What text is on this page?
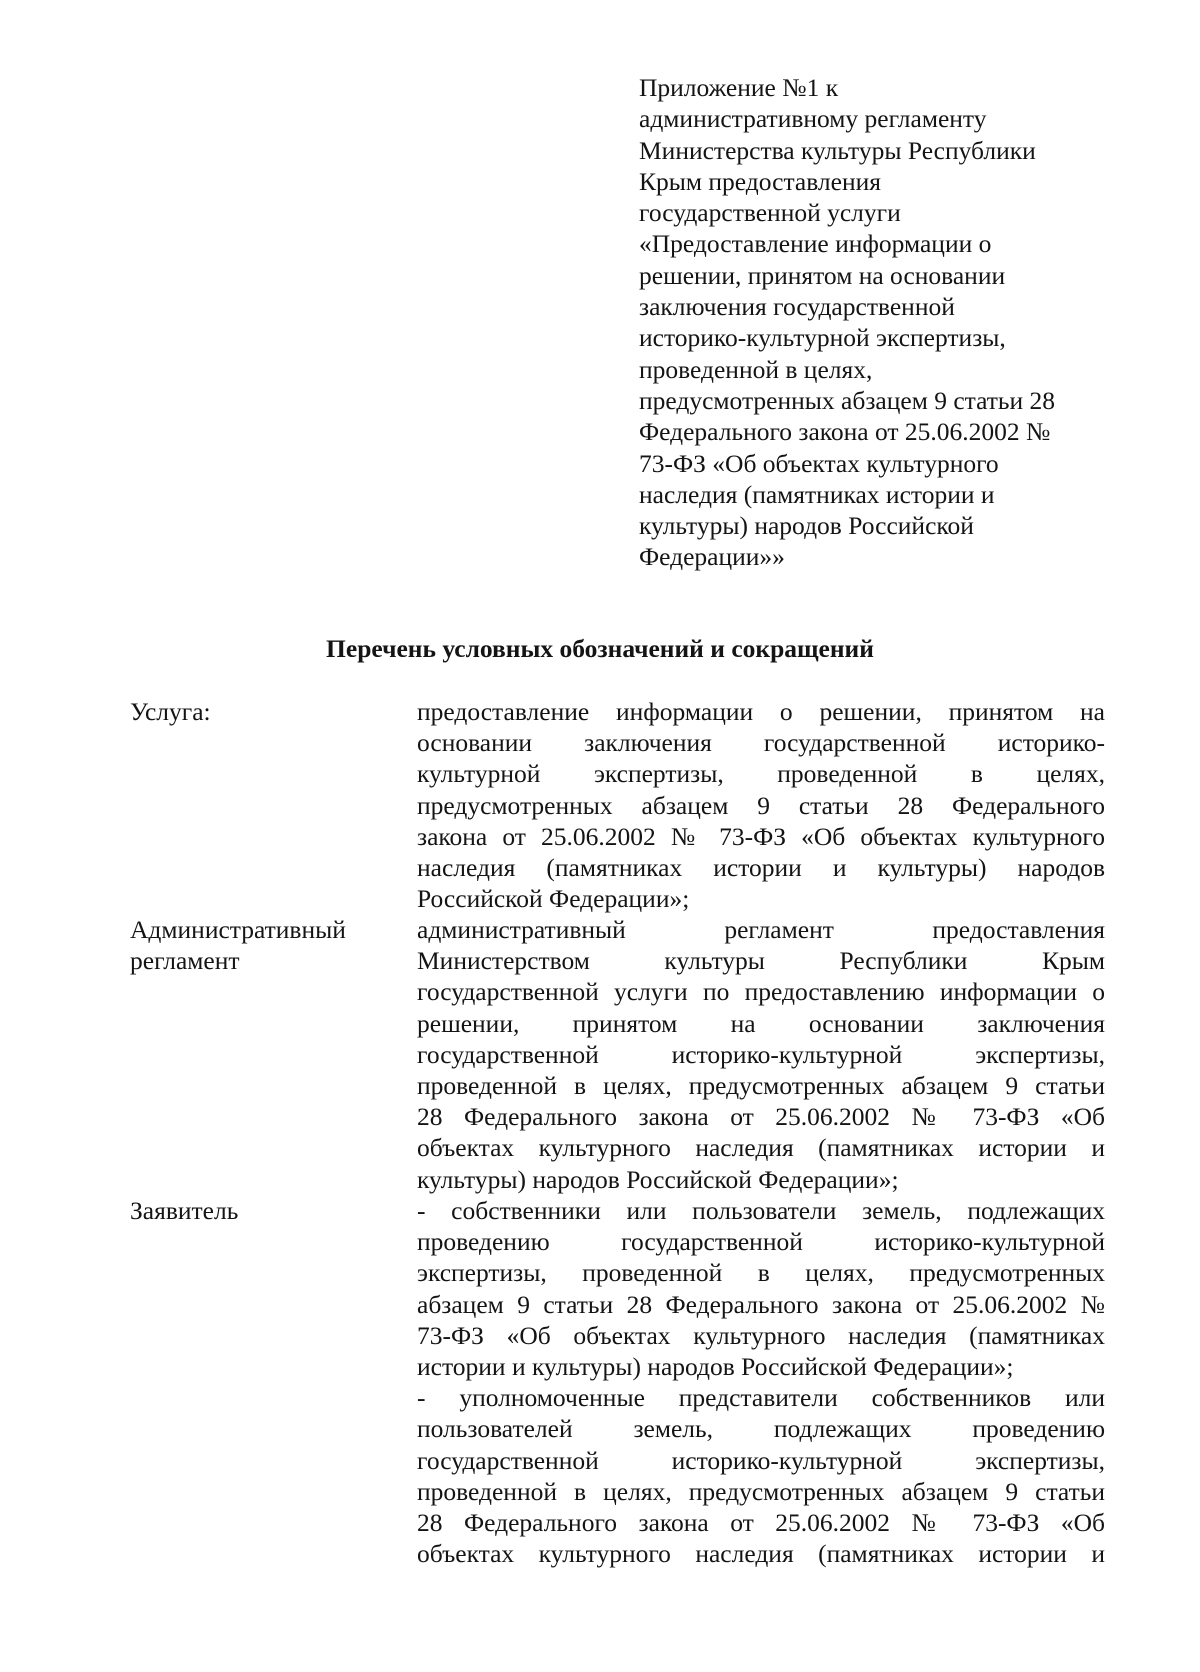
Приложение №1 к
административному регламенту
Министерства культуры Республики
Крым предоставления
государственной услуги
«Предоставление информации о
решении, принятом на основании
заключения государственной
историко-культурной экспертизы,
проведенной в целях,
предусмотренных абзацем 9 статьи 28
Федерального закона от 25.06.2002 №
73-ФЗ «Об объектах культурного
наследия (памятниках истории и
культуры) народов Российской
Федерации»»
Перечень условных обозначений и сокращений
Услуга:	предоставление информации о решении, принятом на
основании заключения государственной историко-
культурной экспертизы, проведенной в целях,
предусмотренных абзацем 9 статьи 28 Федерального
закона от 25.06.2002 № 73-ФЗ «Об объектах культурного
наследия (памятниках истории и культуры) народов
Российской Федерации»;
Административный
регламент
административный регламент предоставления
Министерством культуры Республики Крым
государственной услуги по предоставлению информации о
решении, принятом на основании заключения
государственной историко-культурной экспертизы,
проведенной в целях, предусмотренных абзацем 9 статьи
28 Федерального закона от 25.06.2002 № 73-ФЗ «Об
объектах культурного наследия (памятниках истории и
культуры) народов Российской Федерации»;
Заявитель	- собственники или пользователи земель, подлежащих
проведению государственной историко-культурной
экспертизы, проведенной в целях, предусмотренных
абзацем 9 статьи 28 Федерального закона от 25.06.2002 №
73-ФЗ «Об объектах культурного наследия (памятниках
истории и культуры) народов Российской Федерации»;
- уполномоченные представители собственников или
пользователей земель, подлежащих проведению
государственной историко-культурной экспертизы,
проведенной в целях, предусмотренных абзацем 9 статьи
28 Федерального закона от 25.06.2002 № 73-ФЗ «Об
объектах культурного наследия (памятниках истории и
